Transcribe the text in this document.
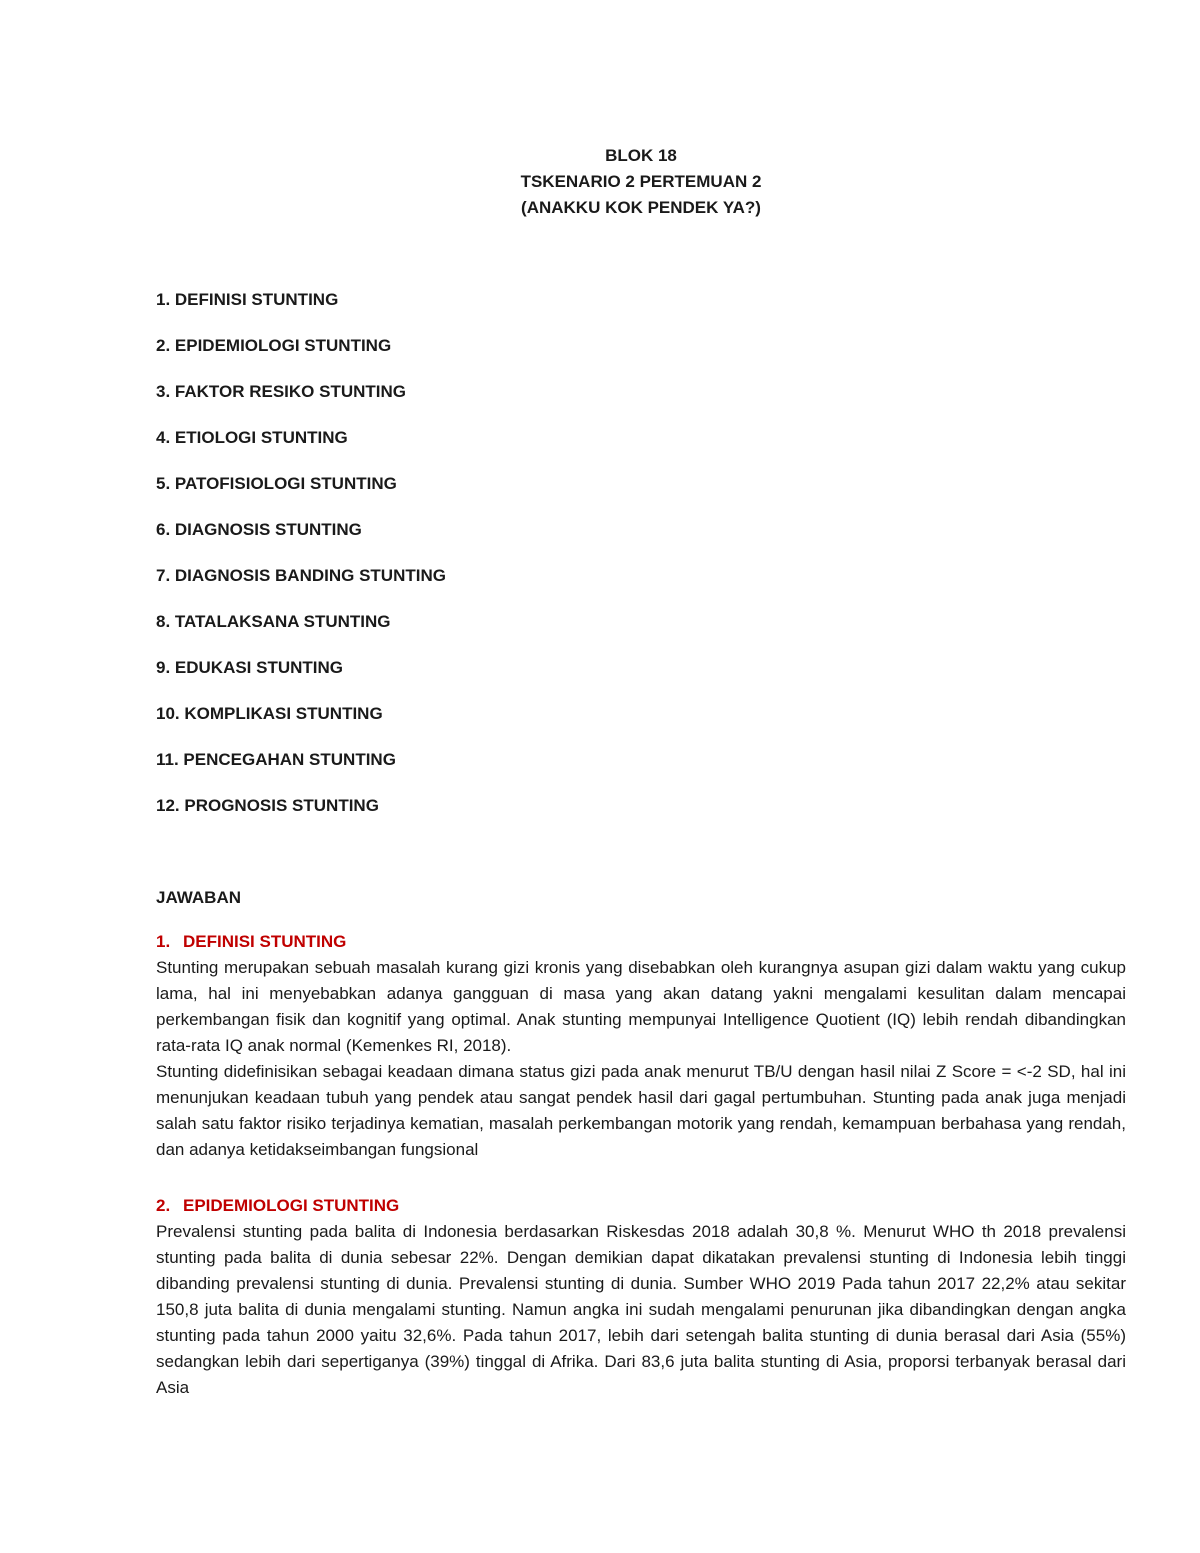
BLOK 18
TSKENARIO 2 PERTEMUAN 2
(ANAKKU KOK PENDEK YA?)
1. DEFINISI STUNTING
2. EPIDEMIOLOGI STUNTING
3. FAKTOR RESIKO STUNTING
4. ETIOLOGI STUNTING
5. PATOFISIOLOGI STUNTING
6. DIAGNOSIS STUNTING
7. DIAGNOSIS BANDING STUNTING
8. TATALAKSANA STUNTING
9. EDUKASI STUNTING
10. KOMPLIKASI STUNTING
11. PENCEGAHAN STUNTING
12. PROGNOSIS STUNTING
JAWABAN
1. DEFINISI STUNTING

Stunting merupakan sebuah masalah kurang gizi kronis yang disebabkan oleh kurangnya asupan gizi dalam waktu yang cukup lama, hal ini menyebabkan adanya gangguan di masa yang akan datang yakni mengalami kesulitan dalam mencapai perkembangan fisik dan kognitif yang optimal. Anak stunting mempunyai Intelligence Quotient (IQ) lebih rendah dibandingkan rata-rata IQ anak normal (Kemenkes RI, 2018).

Stunting didefinisikan sebagai keadaan dimana status gizi pada anak menurut TB/U dengan hasil nilai Z Score = <-2 SD, hal ini menunjukan keadaan tubuh yang pendek atau sangat pendek hasil dari gagal pertumbuhan. Stunting pada anak juga menjadi salah satu faktor risiko terjadinya kematian, masalah perkembangan motorik yang rendah, kemampuan berbahasa yang rendah, dan adanya ketidakseimbangan fungsional

2. EPIDEMIOLOGI STUNTING

Prevalensi stunting pada balita di Indonesia berdasarkan Riskesdas 2018 adalah 30,8 %. Menurut WHO th 2018 prevalensi stunting pada balita di dunia sebesar 22%. Dengan demikian dapat dikatakan prevalensi stunting di Indonesia lebih tinggi dibanding prevalensi stunting di dunia. Prevalensi stunting di dunia. Sumber WHO 2019 Pada tahun 2017 22,2% atau sekitar 150,8 juta balita di dunia mengalami stunting. Namun angka ini sudah mengalami penurunan jika dibandingkan dengan angka stunting pada tahun 2000 yaitu 32,6%. Pada tahun 2017, lebih dari setengah balita stunting di dunia berasal dari Asia (55%) sedangkan lebih dari sepertiganya (39%) tinggal di Afrika. Dari 83,6 juta balita stunting di Asia, proporsi terbanyak berasal dari Asia
